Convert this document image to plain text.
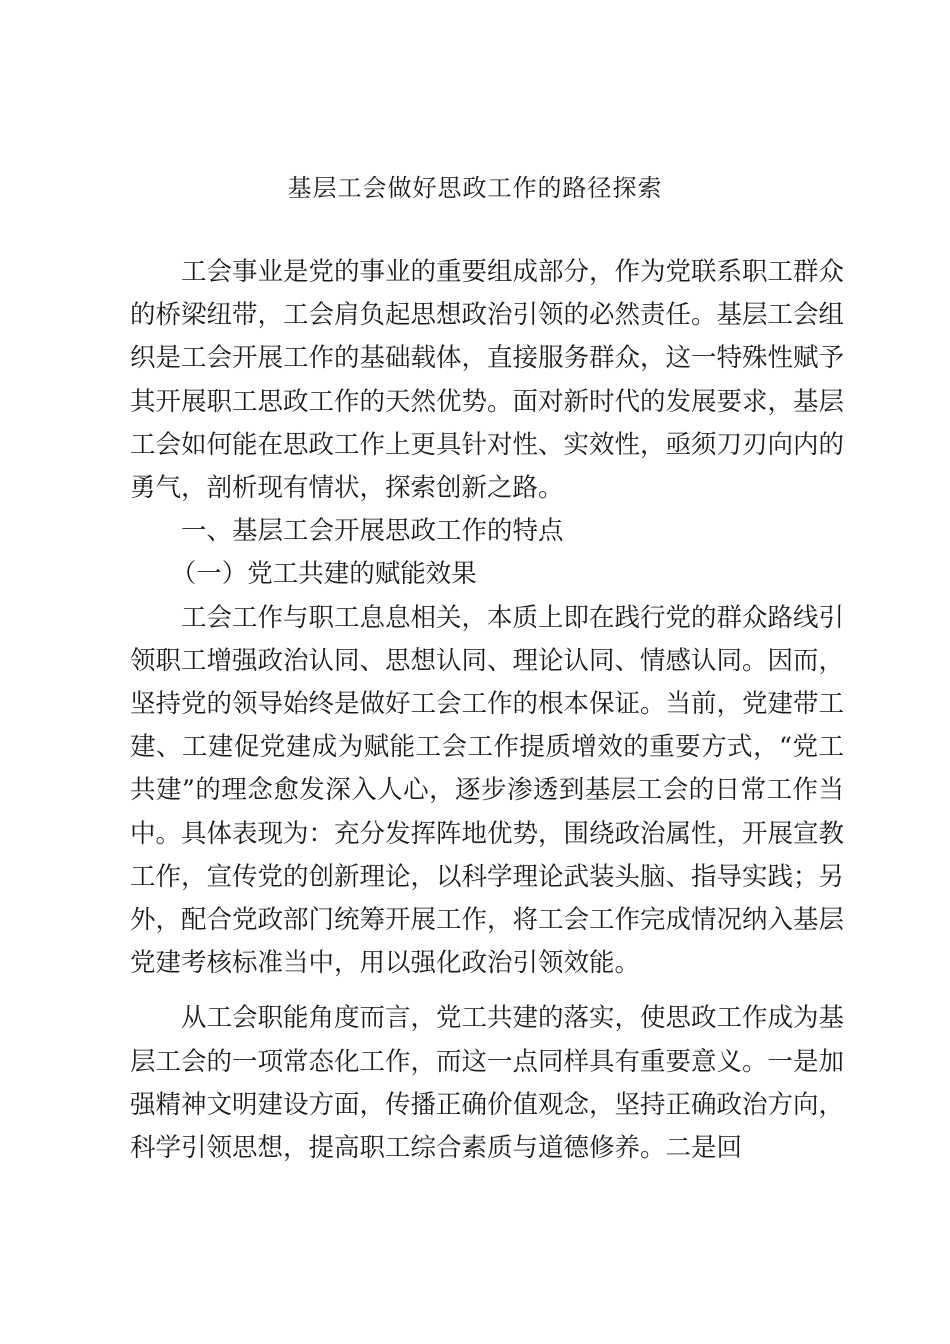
基层工会做好思政工作的路径探索

工会事业是党的事业的重要组成部分，作为党联系职工群众的桥梁纽带，工会肩负起思想政治引领的必然责任。基层工会组织是工会开展工作的基础载体，直接服务群众，这一特殊性赋予其开展职工思政工作的天然优势。面对新时代的发展要求，基层工会如何能在思政工作上更具针对性、实效性，亟须刀刃向内的勇气，剖析现有情状，探索创新之路。

一、基层工会开展思政工作的特点

（一）党工共建的赋能效果

工会工作与职工息息相关，本质上即在践行党的群众路线引领职工增强政治认同、思想认同、理论认同、情感认同。因而，坚持党的领导始终是做好工会工作的根本保证。当前，党建带工建、工建促党建成为赋能工会工作提质增效的重要方式，“党工共建”的理念愈发深入人心，逐步渗透到基层工会的日常工作当中。具体表现为：充分发挥阵地优势，围绕政治属性，开展宣教工作，宣传党的创新理论，以科学理论武装头脑、指导实践；另外，配合党政部门统筹开展工作，将工会工作完成情况纳入基层党建考核标准当中，用以强化政治引领效能。

从工会职能角度而言，党工共建的落实，使思政工作成为基层工会的一项常态化工作，而这一点同样具有重要意义。一是加强精神文明建设方面，传播正确价值观念，坚持正确政治方向，科学引领思想，提高职工综合素质与道德修养。二是回
